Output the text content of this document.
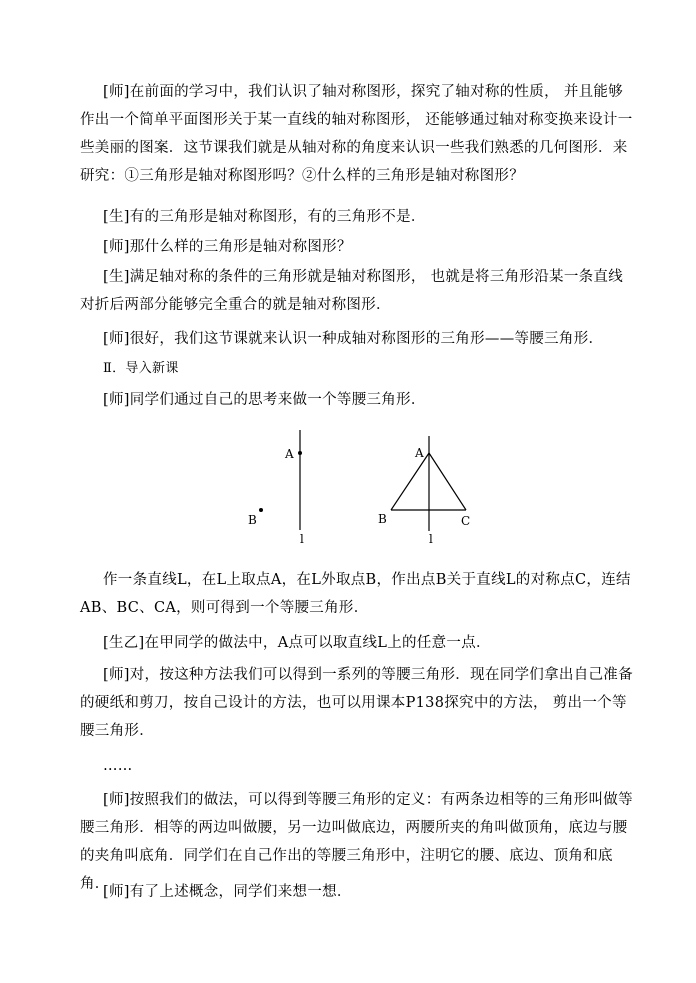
[师]在前面的学习中，我们认识了轴对称图形，探究了轴对称的性质， 并且能够作出一个简单平面图形关于某一直线的轴对称图形， 还能够通过轴对称变换来设计一些美丽的图案．这节课我们就是从轴对称的角度来认识一些我们熟悉的几何图形．来研究：①三角形是轴对称图形吗？②什么样的三角形是轴对称图形？
[生]有的三角形是轴对称图形，有的三角形不是．
[师]那什么样的三角形是轴对称图形？
[生]满足轴对称的条件的三角形就是轴对称图形， 也就是将三角形沿某一条直线对折后两部分能够完全重合的就是轴对称图形．
[师]很好，我们这节课就来认识一种成轴对称图形的三角形——等腰三角形．
Ⅱ．导入新课
[师]同学们通过自己的思考来做一个等腰三角形．
A
B
l
A
B	C
l
作一条直线L，在L上取点A，在L外取点B，作出点B关于直线L的对称点C，连结AB、BC、CA，则可得到一个等腰三角形．
[生乙]在甲同学的做法中，A点可以取直线L上的任意一点．
[师]对，按这种方法我们可以得到一系列的等腰三角形．现在同学们拿出自己准备的硬纸和剪刀，按自己设计的方法，也可以用课本P138探究中的方法， 剪出一个等腰三角形．
……
[师]按照我们的做法，可以得到等腰三角形的定义：有两条边相等的三角形叫做等腰三角形．相等的两边叫做腰，另一边叫做底边，两腰所夹的角叫做顶角，底边与腰的夹角叫底角．同学们在自己作出的等腰三角形中，注明它的腰、底边、顶角和底角．
[师]有了上述概念，同学们来想一想．
